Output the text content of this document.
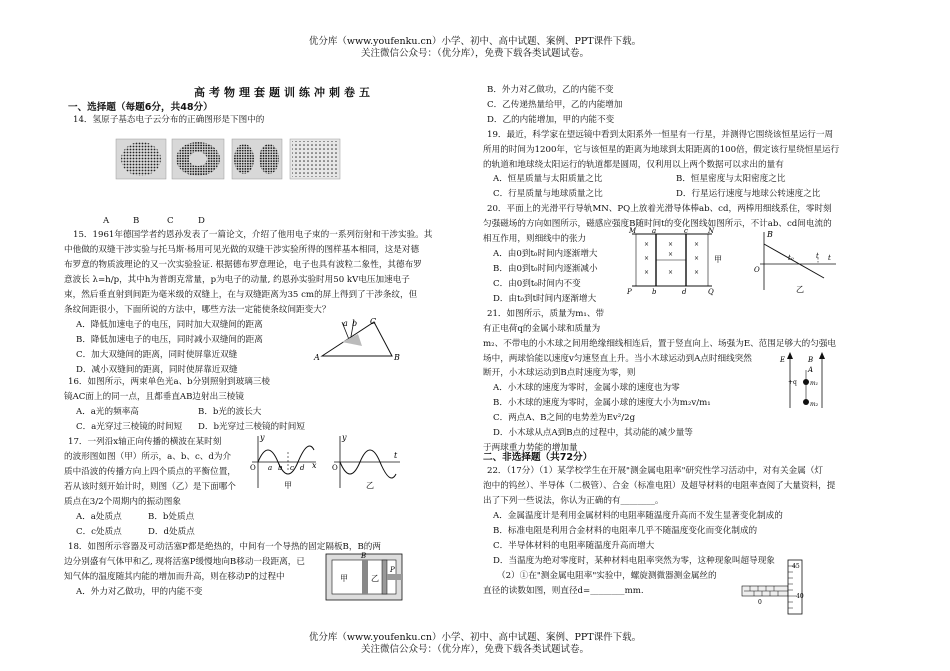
优分库（www.youfenku.cn）小学、初中、高中试题、案例、PPT课件下载。
关注微信公众号：（优分库），免费下载各类试题试卷。
高考物理套题训练冲刺卷五
一、选择题（每题6分，共48分）
14．氢原子基态电子云分布的正确图形是下图中的
A	B	C	D
15．1961年德国学者约恩孙发表了一篇论文，介绍了他用电子束的一系列衍射和干涉实验。其
中他做的双缝干涉实验与托马斯·杨用可见光做的双缝干涉实验所得的图样基本相同，这是对德
布罗意的物质波理论的又一次实验验证. 根据德布罗意理论，电子也具有波粒二象性，其德布罗
意波长 λ=h/p，其中h为普朗克常量，p为电子的动量, 约恩孙实验时用50 kV电压加速电子
束，然后垂直射到间距为毫米级的双缝上，在与双缝距离为35 cm的屏上得到了干涉条纹，但
条纹间距很小，下面所说的方法中，哪些方法一定能使条纹间距变大？
A．降低加速电子的电压，同时加大双缝间的距离
B．降低加速电子的电压，同时减小双缝间的距离
C．加大双缝间的距离，同时使屏靠近双缝
D．减小双缝间的距离，同时使屏靠近双缝
a b C
A	B
16．如图所示，两束单色光a、b分别照射到玻璃三棱
镜AC面上的同一点，且都垂直AB边射出三棱镜
A．a光的频率高	B．b光的波长大
C．a光穿过三棱镜的时间短 D．b光穿过三棱镜的时间短
17．一列沿x轴正向传播的横波在某时刻
的波形图如图（甲）所示，a、b、c、d为介
质中沿波的传播方向上四个质点的平衡位置，
若从该时刻开始计时，则图（乙）是下面哪个
质点在3/2个周期内的振动图象
A．a处质点	B．b处质点
C．c处质点	D．d处质点
y
x
O a b c d
甲
y
t
O
乙
18．如图所示容器及可动活塞P都是绝热的，中间有一个导热的固定隔板B，B的两
边分别盛有气体甲和乙, 现将活塞P缓慢地向B移动一段距离，已
知气体的温度随其内能的增加而升高，则在移动P的过程中
A．外力对乙做功，甲的内能不变
甲
B
乙
P
B．外力对乙做功，乙的内能不变
C．乙传递热量给甲，乙的内能增加
D．乙的内能增加，甲的内能不变
19．最近，科学家在望远镜中看到太阳系外一恒星有一行星，并测得它围绕该恒星运行一周
所用的时间为1200年，它与该恒星的距离为地球到太阳距离的100倍，假定该行星绕恒星运行
的轨道和地球绕太阳运行的轨道都是圆周，仅利用以上两个数据可以求出的量有
A．恒星质量与太阳质量之比	B．恒星密度与太阳密度之比
C．行星质量与地球质量之比	D．行星运行速度与地球公转速度之比
20．平面上的光滑平行导轨MN、PQ上放着光滑导体棒ab、cd，两棒用细线系住，零时刻
匀强磁场的方向如图所示，磁感应强度B随时间t的变化图线如图所示，不计ab、cd间电流的
相互作用，则细线中的张力
A．由0到t₀时间内逐渐增大
B．由0到t₀时间内逐渐减小
C．由0到t₀时间内不变
D．由t₀到t时间内逐渐增大
×	×	×
×
×
×
×	×	×
M a	c	N
P	b	d	Q
甲
B
O
t₀	t t
乙
21．如图所示，质量为m₁、带
有正电荷q的金属小球和质量为
m₂、不带电的小木球之间用绝缘细线相连后，置于竖直向上、场强为E、范围足够大的匀强电
场中，两球恰能以速度v匀速竖直上升。当小木球运动到A点时细线突然
断开，小木球运动到B点时速度为零，则
A．小木球的速度为零时，金属小球的速度也为零
B．小木球的速度为零时，金属小球的速度大小为m₂v/m₁
C．两点A、B之间的电势差为Ev²/2g
D．小木球从点A到B点的过程中，其动能的减少量等
于两球重力势能的增加量
E	B
A
+q m₁
m₂
二、非选择题（共72分）
22．（17分）（1）某学校学生在开展"测金属电阻率"研究性学习活动中，对有关金属（灯
泡中的钨丝）、半导体（二极管）、合金（标准电阻）及超导材料的电阻率查阅了大量资料，提
出了下列一些说法，你认为正确的有________。
A．金属温度计是利用金属材料的电阻率随温度升高而不发生显著变化制成的
B．标准电阻是利用合金材料的电阻率几乎不随温度变化而变化制成的
C．半导体材料的电阻率随温度升高而增大
D．当温度为绝对零度时，某种材料电阻率突然为零，这种现象叫超导现象
（2）①在"测金属电阻率"实验中，螺旋测微器测金属丝的
直径的读数如图，则直径d=________mm.
45
40
0
优分库（www.youfenku.cn）小学、初中、高中试题、案例、PPT课件下载。
关注微信公众号：（优分库），免费下载各类试题试卷。
